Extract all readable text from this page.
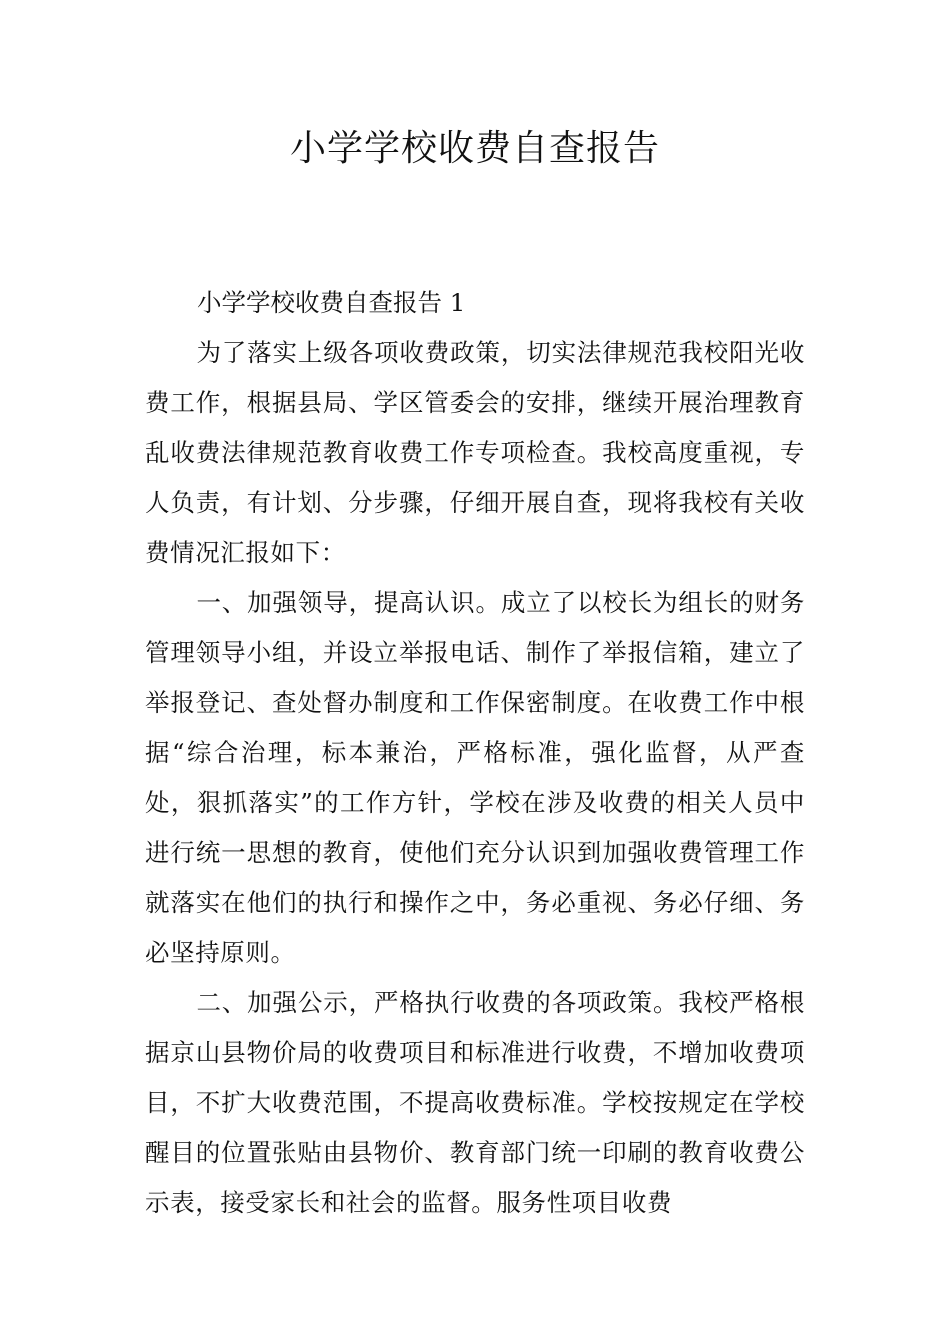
小学学校收费自查报告

小学学校收费自查报告 1

为了落实上级各项收费政策，切实法律规范我校阳光收费工作，根据县局、学区管委会的安排，继续开展治理教育乱收费法律规范教育收费工作专项检查。我校高度重视，专人负责，有计划、分步骤，仔细开展自查，现将我校有关收费情况汇报如下：

一、加强领导，提高认识。成立了以校长为组长的财务管理领导小组，并设立举报电话、制作了举报信箱，建立了举报登记、查处督办制度和工作保密制度。在收费工作中根据“综合治理，标本兼治，严格标准，强化监督，从严查处，狠抓落实”的工作方针，学校在涉及收费的相关人员中进行统一思想的教育，使他们充分认识到加强收费管理工作就落实在他们的执行和操作之中，务必重视、务必仔细、务必坚持原则。

二、加强公示，严格执行收费的各项政策。我校严格根据京山县物价局的收费项目和标准进行收费，不增加收费项目，不扩大收费范围，不提高收费标准。学校按规定在学校醒目的位置张贴由县物价、教育部门统一印刷的教育收费公示表，接受家长和社会的监督。服务性项目收费
